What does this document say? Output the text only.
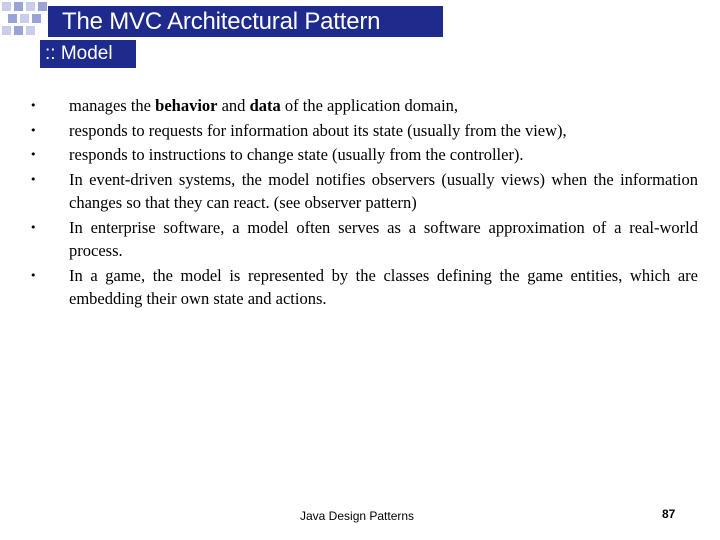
The MVC Architectural Pattern
:: Model
• manages the behavior and data of the application domain,
• responds to requests for information about its state (usually from the view),
• responds to instructions to change state (usually from the controller).
• In event-driven systems, the model notifies observers (usually views) when the information changes so that they can react. (see observer pattern)
• In enterprise software, a model often serves as a software approximation of a real-world process.
• In a game, the model is represented by the classes defining the game entities, which are embedding their own state and actions.
Java Design Patterns	87
